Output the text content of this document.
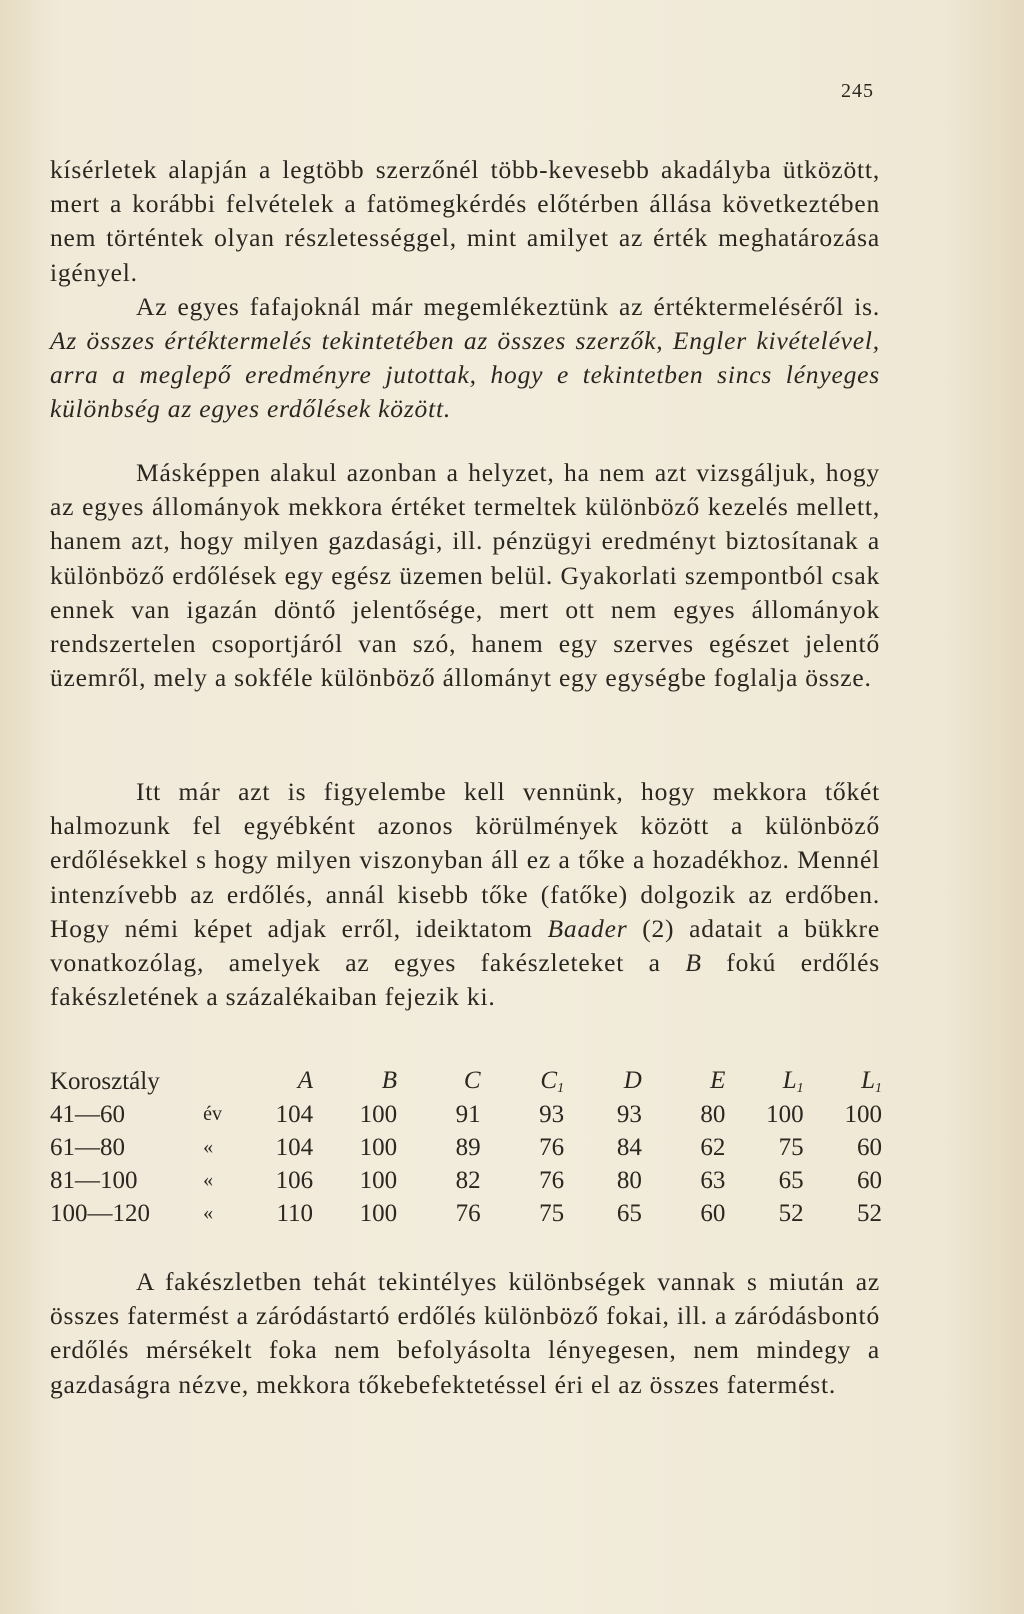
245

kísérletek alapján a legtöbb szerzőnél több-kevesebb akadályba ütközött, mert a korábbi felvételek a fatömegkérdés előtérben állása következtében nem történtek olyan részletességgel, mint amilyet az érték meghatározása igényel.

Az egyes fafajoknál már megemlékeztünk az értéktermeléséről is. Az összes értéktermelés tekintetében az összes szerzők, Engler kivételével, arra a meglepő eredményre jutottak, hogy e tekintetben sincs lényeges különbség az egyes erdőlések között.

Másképpen alakul azonban a helyzet, ha nem azt vizsgáljuk, hogy az egyes állományok mekkora értéket termeltek különböző kezelés mellett, hanem azt, hogy milyen gazdasági, ill. pénzügyi eredményt biztosítanak a különböző erdőlések egy egész üzemen belül. Gyakorlati szempontból csak ennek van igazán döntő jelentősége, mert ott nem egyes állományok rendszertelen csoportjáról van szó, hanem egy szerves egészet jelentő üzemről, mely a sokféle különböző állományt egy egységbe foglalja össze.

Itt már azt is figyelembe kell vennünk, hogy mekkora tőkét halmozunk fel egyébként azonos körülmények között a különböző erdőlésekkel s hogy milyen viszonyban áll ez a tőke a hozadékhoz. Mennél intenzívebb az erdőlés, annál kisebb tőke (fatőke) dolgozik az erdőben. Hogy némi képet adjak erről, ideiktatom Baader (2) adatait a bükkre vonatkozólag, amelyek az egyes fakészleteket a B fokú erdőlés fakészletének a százalékaiban fejezik ki.

Korosztály		A	B	C	$C_1$	D	E	$L_1$	$L_1$
41—60	év	104	100	91	93	93	80	100	100
61—80	«	104	100	89	76	84	62	75	60
81—100	«	106	100	82	76	80	63	65	60
100—120	«	110	100	76	75	65	60	52	52

A fakészletben tehát tekintélyes különbségek vannak s miután az összes fatermést a záródástartó erdőlés különböző fokai, ill. a záródásbontó erdőlés mérsékelt foka nem befolyásolta lényegesen, nem mindegy a gazdaságra nézve, mekkora tőkebefektetéssel éri el az összes fatermést.
